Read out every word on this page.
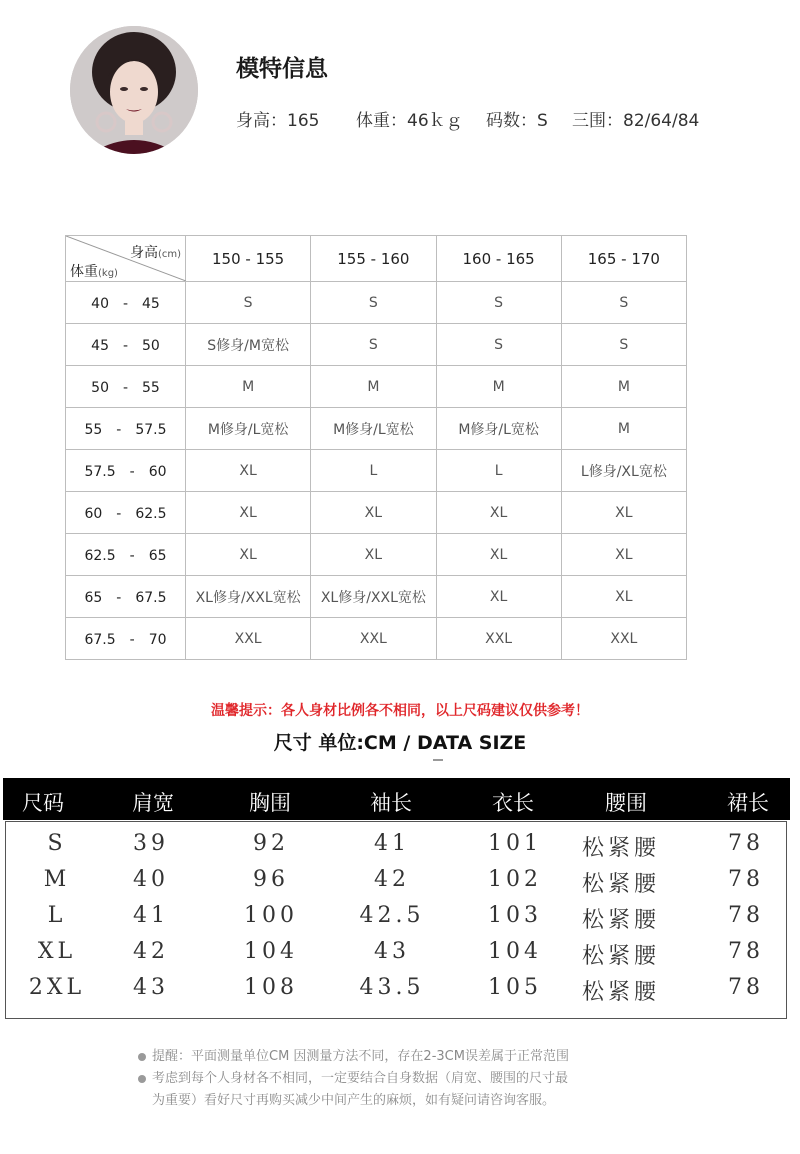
模特信息
身高：165 体重：46ｋｇ 码数：S 三围：82/64/84
身高(cm)
体重(kg)	150 - 155	155 - 160	160 - 165	165 - 170
40　-　45	S	S	S	S
45　-　50	S修身/M宽松	S	S	S
50　-　55	M	M	M	M
55　-　57.5	M修身/L宽松	M修身/L宽松	M修身/L宽松	M
57.5　-　60	XL	L	L	L修身/XL宽松
60　-　62.5	XL	XL	XL	XL
62.5　-　65	XL	XL	XL	XL
65　-　67.5	XL修身/XXL宽松	XL修身/XXL宽松	XL	XL
67.5　-　70	XXL	XXL	XXL	XXL
温馨提示：各人身材比例各不相同，以上尺码建议仅供参考！
尺寸 单位:CM / DATA SIZE
尺码	肩宽	胸围	袖长	衣长	腰围	裙长
S	39	92	41	101	松紧腰	78
M	40	96	42	102	松紧腰	78
L	41	100	42.5	103	松紧腰	78
XL	42	104	43	104	松紧腰	78
2XL	43	108	43.5	105	松紧腰	78
提醒：平面测量单位CM 因测量方法不同，存在2-3CM误差属于正常范围
考虑到每个人身材各不相同，一定要结合自身数据（肩宽、腰围的尺寸最
为重要）看好尺寸再购买减少中间产生的麻烦，如有疑问请咨询客服。
